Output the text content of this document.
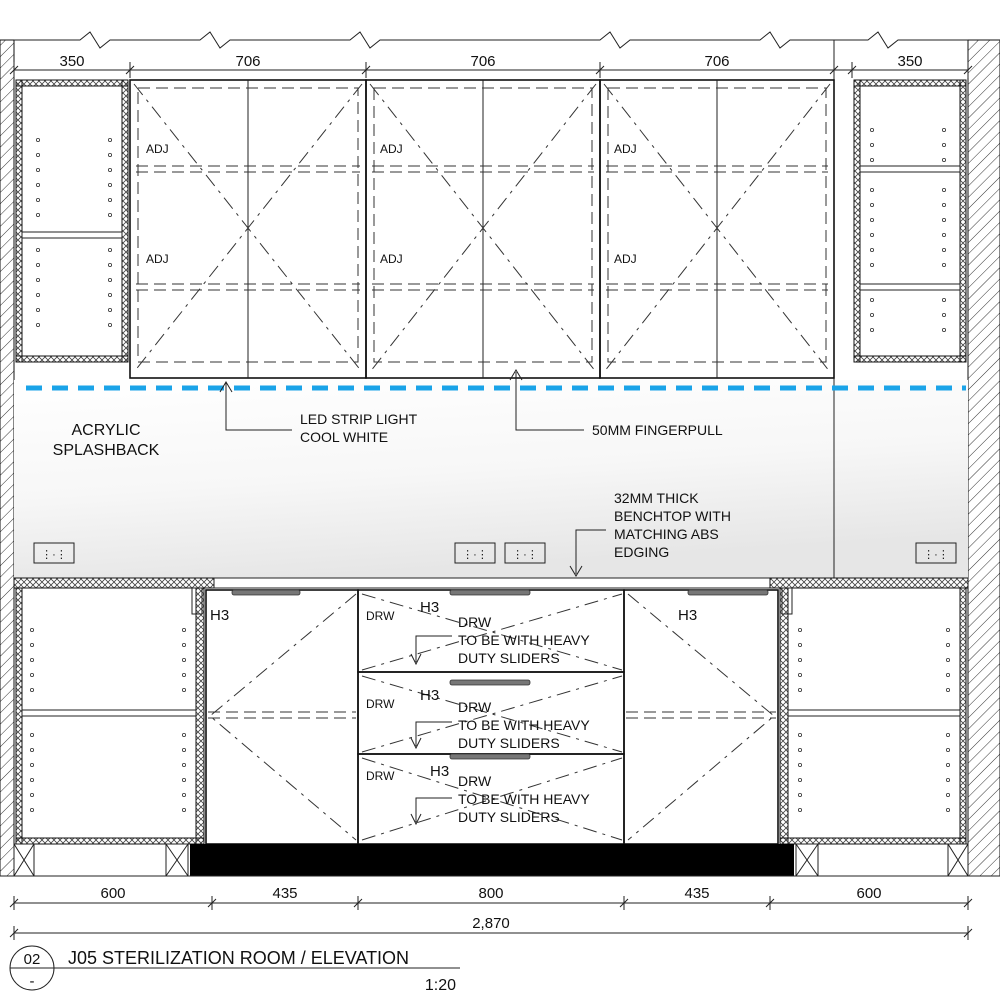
350	706	706	706	350
ADJ
ADJ
ADJ
ADJ
ADJ
ADJ
ACRYLIC
SPLASHBACK
LED STRIP LIGHT
COOL WHITE	50MM FINGERPULL
32MM THICK
BENCHTOP WITH
MATCHING ABS
EDGING
⋮·⋮	⋮·⋮ ⋮·⋮	⋮·⋮
H3	H3
DRW H3
DRW
TO BE WITH HEAVY
DUTY SLIDERS
DRW H3
DRW
TO BE WITH HEAVY
DUTY SLIDERS
DRW H3
DRW
TO BE WITH HEAVY
DUTY SLIDERS
600	435	800	435	600
2,870
02
-
J05 STERILIZATION ROOM / ELEVATION
1:20
